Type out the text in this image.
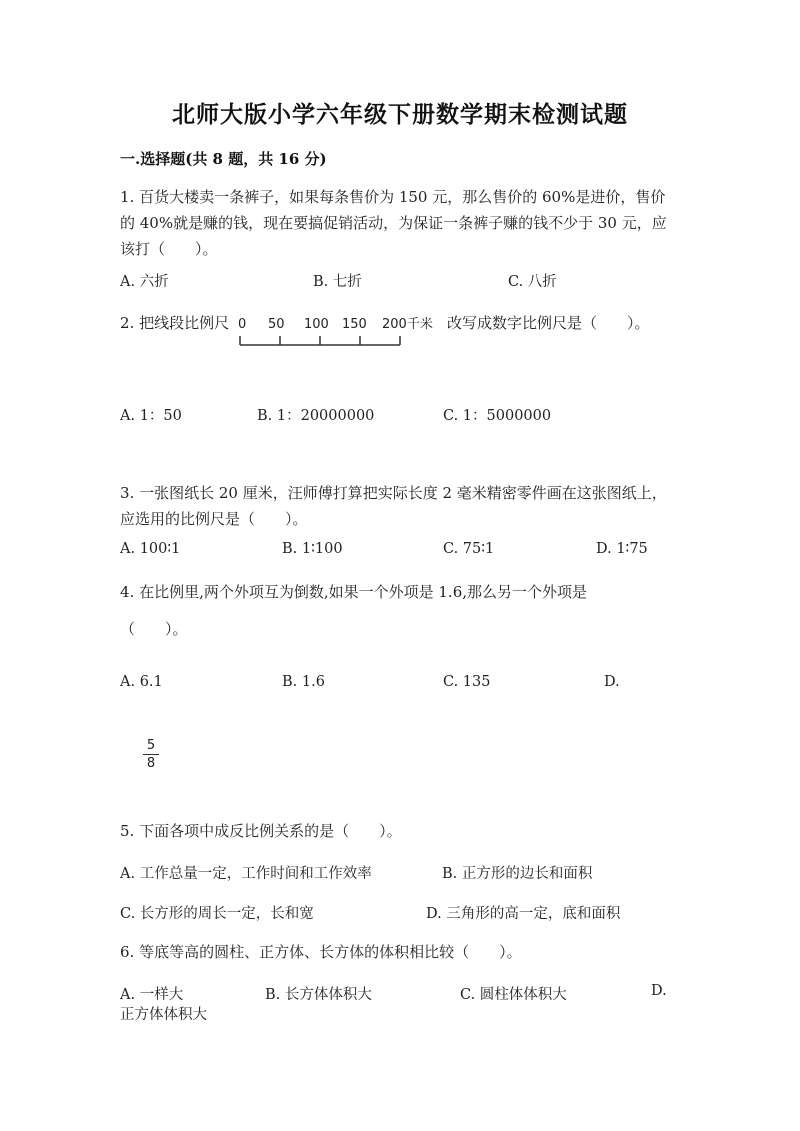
北师大版小学六年级下册数学期末检测试题
一.选择题(共 8 题，共 16 分)
1. 百货大楼卖一条裤子，如果每条售价为 150 元，那么售价的 60%是进价，售价的 40%就是赚的钱，现在要搞促销活动，为保证一条裤子赚的钱不少于 30 元，应该打（　　）。
A. 六折	B. 七折	C. 八折
2. 把线段比例尺 0 50 100 150 200千米 改写成数字比例尺是（　　）。
A. 1：50	B. 1：20000000	C. 1：5000000
3. 一张图纸长 20 厘米，汪师傅打算把实际长度 2 毫米精密零件画在这张图纸上，应选用的比例尺是（　　）。
A. 100∶1	B. 1∶100	C. 75∶1	D. 1∶75
4. 在比例里,两个外项互为倒数,如果一个外项是 1.6,那么另一个外项是
（　　）。
A. 6.1	B. 1.6	C. 135	D.
5
8
5. 下面各项中成反比例关系的是（　　）。
A. 工作总量一定，工作时间和工作效率	B. 正方形的边长和面积
C. 长方形的周长一定，长和宽	D. 三角形的高一定，底和面积
6. 等底等高的圆柱、正方体、长方体的体积相比较（　　）。
A. 一样大	B. 长方体体积大	C. 圆柱体体积大	D.
正方体体积大
